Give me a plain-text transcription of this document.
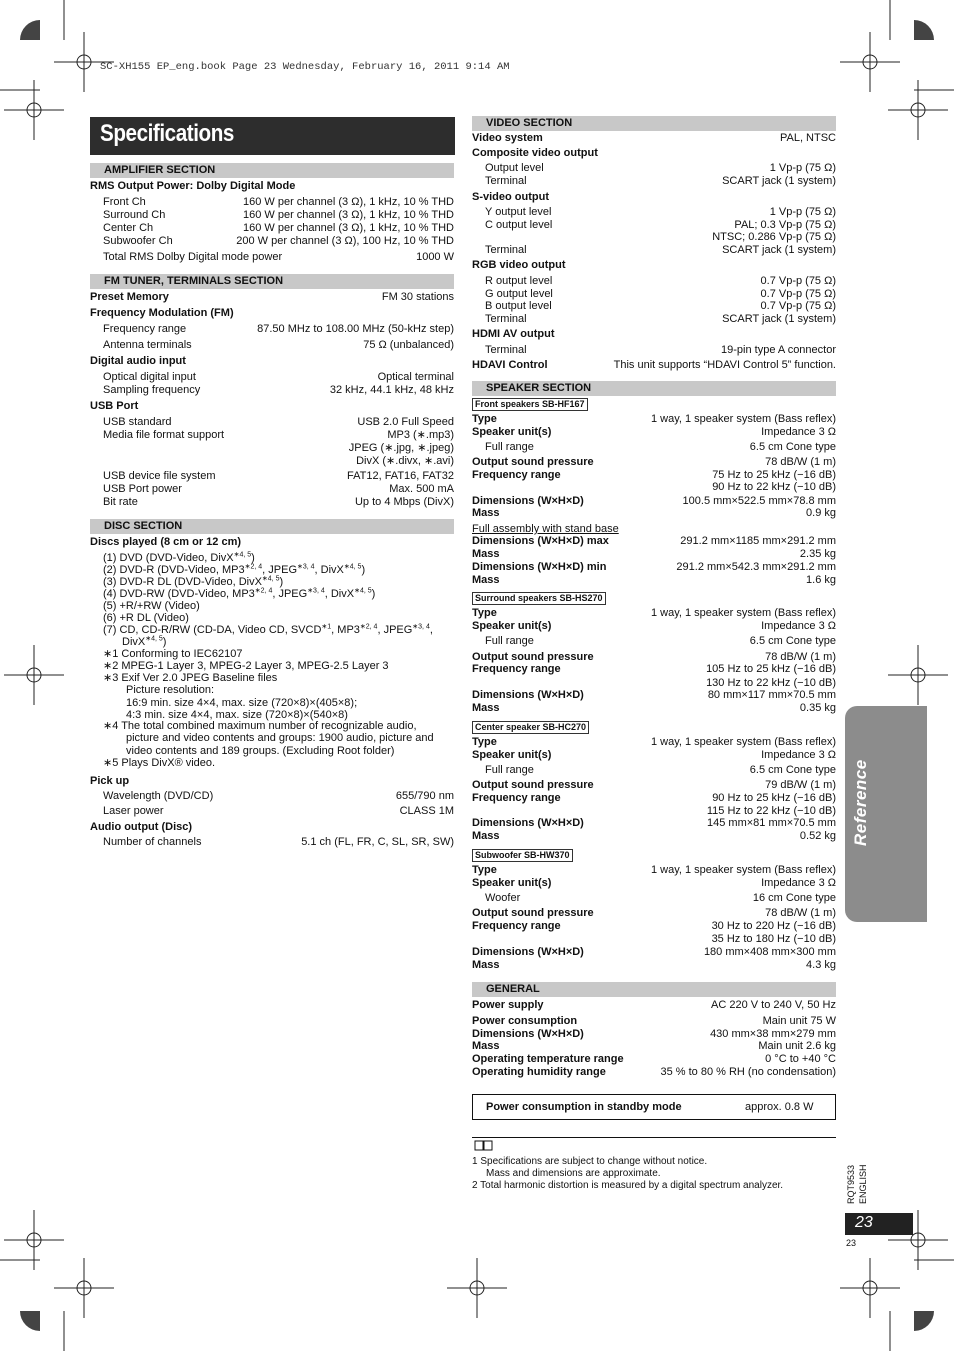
SC-XH155 EP_eng.book Page 23 Wednesday, February 16, 2011 9:14 AM
Specifications
AMPLIFIER SECTION
RMS Output Power: Dolby Digital Mode
Front Ch	160 W per channel (3 Ω), 1 kHz, 10 % THD
Surround Ch	160 W per channel (3 Ω), 1 kHz, 10 % THD
Center Ch	160 W per channel (3 Ω), 1 kHz, 10 % THD
Subwoofer Ch	200 W per channel (3 Ω), 100 Hz, 10 % THD
Total RMS Dolby Digital mode power	1000 W
FM TUNER, TERMINALS SECTION
Preset Memory	FM 30 stations
Frequency Modulation (FM)
Frequency range	87.50 MHz to 108.00 MHz (50-kHz step)
Antenna terminals	75 Ω (unbalanced)
Digital audio input
Optical digital input	Optical terminal
Sampling frequency	32 kHz, 44.1 kHz, 48 kHz
USB Port
USB standard	USB 2.0 Full Speed
Media file format support	MP3 (∗.mp3)
JPEG (∗.jpg, ∗.jpeg)
DivX (∗.divx, ∗.avi)
USB device file system	FAT12, FAT16, FAT32
USB Port power	Max. 500 mA
Bit rate	Up to 4 Mbps (DivX)
DISC SECTION
Discs played (8 cm or 12 cm)
(1) DVD (DVD-Video, DivX$^{∗4, 5}$)
(2) DVD-R (DVD-Video, $MP3^{∗2, 4}$, $JPEG^{∗3, 4}$, DivX$^{∗4, 5}$)
(3) DVD-R DL (DVD-Video, DivX$^{∗4, 5}$)
(4) DVD-RW (DVD-Video, $MP3^{∗2, 4}$, $JPEG^{∗3, 4}$, DivX$^{∗4, 5}$)
(5) +R/+RW (Video)
(6) +R DL (Video)
(7) CD, CD-R/RW (CD-DA, Video CD, $SVCD^{∗1}$, $MP3^{∗2, 4}$, $JPEG^{∗3, 4}$,
DivX$^{∗4, 5}$)
∗1 Conforming to IEC62107
∗2 MPEG-1 Layer 3, MPEG-2 Layer 3, MPEG-2.5 Layer 3
∗3 Exif Ver 2.0 JPEG Baseline files
Picture resolution:
16:9 min. size 4×4, max. size (720×8)×(405×8);
4:3 min. size 4×4, max. size (720×8)×(540×8)
∗4 The total combined maximum number of recognizable audio,
picture and video contents and groups: 1900 audio, picture and
video contents and 189 groups. (Excluding Root folder)
∗5 Plays DivX® video.
Pick up
Wavelength (DVD/CD)	655/790 nm
Laser power	CLASS 1M
Audio output (Disc)
Number of channels	5.1 ch (FL, FR, C, SL, SR, SW)
VIDEO SECTION
Video system	PAL, NTSC
Composite video output
Output level	1 Vp-p (75 Ω)
Terminal	SCART jack (1 system)
S-video output
Y output level	1 Vp-p (75 Ω)
C output level	PAL; 0.3 Vp-p (75 Ω)
NTSC; 0.286 Vp-p (75 Ω)
Terminal	SCART jack (1 system)
RGB video output
R output level	0.7 Vp-p (75 Ω)
G output level	0.7 Vp-p (75 Ω)
B output level	0.7 Vp-p (75 Ω)
Terminal	SCART jack (1 system)
HDMI AV output
Terminal	19-pin type A connector
HDAVI Control	This unit supports “HDAVI Control 5” function.
SPEAKER SECTION
Front speakers SB-HF167
Type	1 way, 1 speaker system (Bass reflex)
Speaker unit(s)	Impedance 3 Ω
Full range	6.5 cm Cone type
Output sound pressure	78 dB/W (1 m)
Frequency range	75 Hz to 25 kHz (−16 dB)
90 Hz to 22 kHz (−10 dB)
Dimensions (W×H×D)	100.5 mm×522.5 mm×78.8 mm
Mass	0.9 kg
Full assembly with stand base
Dimensions (W×H×D) max	291.2 mm×1185 mm×291.2 mm
Mass	2.35 kg
Dimensions (W×H×D) min	291.2 mm×542.3 mm×291.2 mm
Mass	1.6 kg
Surround speakers SB-HS270
Type	1 way, 1 speaker system (Bass reflex)
Speaker unit(s)	Impedance 3 Ω
Full range	6.5 cm Cone type
Output sound pressure	78 dB/W (1 m)
Frequency range	105 Hz to 25 kHz (−16 dB)
130 Hz to 22 kHz (−10 dB)
Dimensions (W×H×D)	80 mm×117 mm×70.5 mm
Mass	0.35 kg
Center speaker SB-HC270
Type	1 way, 1 speaker system (Bass reflex)
Speaker unit(s)	Impedance 3 Ω
Full range	6.5 cm Cone type
Output sound pressure	79 dB/W (1 m)
Frequency range	90 Hz to 25 kHz (−16 dB)
115 Hz to 22 kHz (−10 dB)
Dimensions (W×H×D)	145 mm×81 mm×70.5 mm
Mass	0.52 kg
Subwoofer SB-HW370
Type	1 way, 1 speaker system (Bass reflex)
Speaker unit(s)	Impedance 3 Ω
Woofer	16 cm Cone type
Output sound pressure	78 dB/W (1 m)
Frequency range	30 Hz to 220 Hz (−16 dB)
35 Hz to 180 Hz (−10 dB)
Dimensions (W×H×D)	180 mm×408 mm×300 mm
Mass	4.3 kg
GENERAL
Power supply	AC 220 V to 240 V, 50 Hz
Power consumption	Main unit 75 W
Dimensions (W×H×D)	430 mm×38 mm×279 mm
Mass	Main unit 2.6 kg
Operating temperature range	0 °C to +40 °C
Operating humidity range	35 % to 80 % RH (no condensation)
Power consumption in standby mode	approx. 0.8 W
1 Specifications are subject to change without notice.
Mass and dimensions are approximate.
2 Total harmonic distortion is measured by a digital spectrum analyzer.
Reference
RQT9533 ENGLISH
23
23
